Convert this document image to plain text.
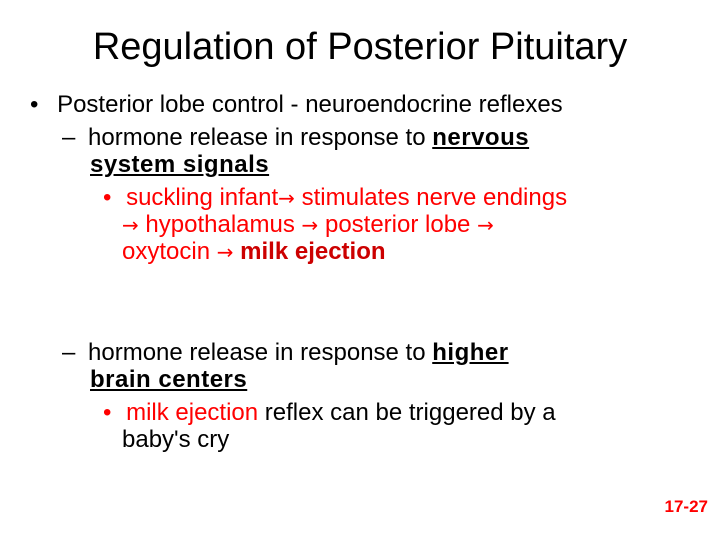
Regulation of Posterior Pituitary
• Posterior lobe control - neuroendocrine reflexes
– hormone release in response to nervous
system signals
• suckling infant→ stimulates nerve endings
→ hypothalamus → posterior lobe →
oxytocin → milk ejection
– hormone release in response to higher
brain centers
• milk ejection reflex can be triggered by a
baby's cry
17-27
